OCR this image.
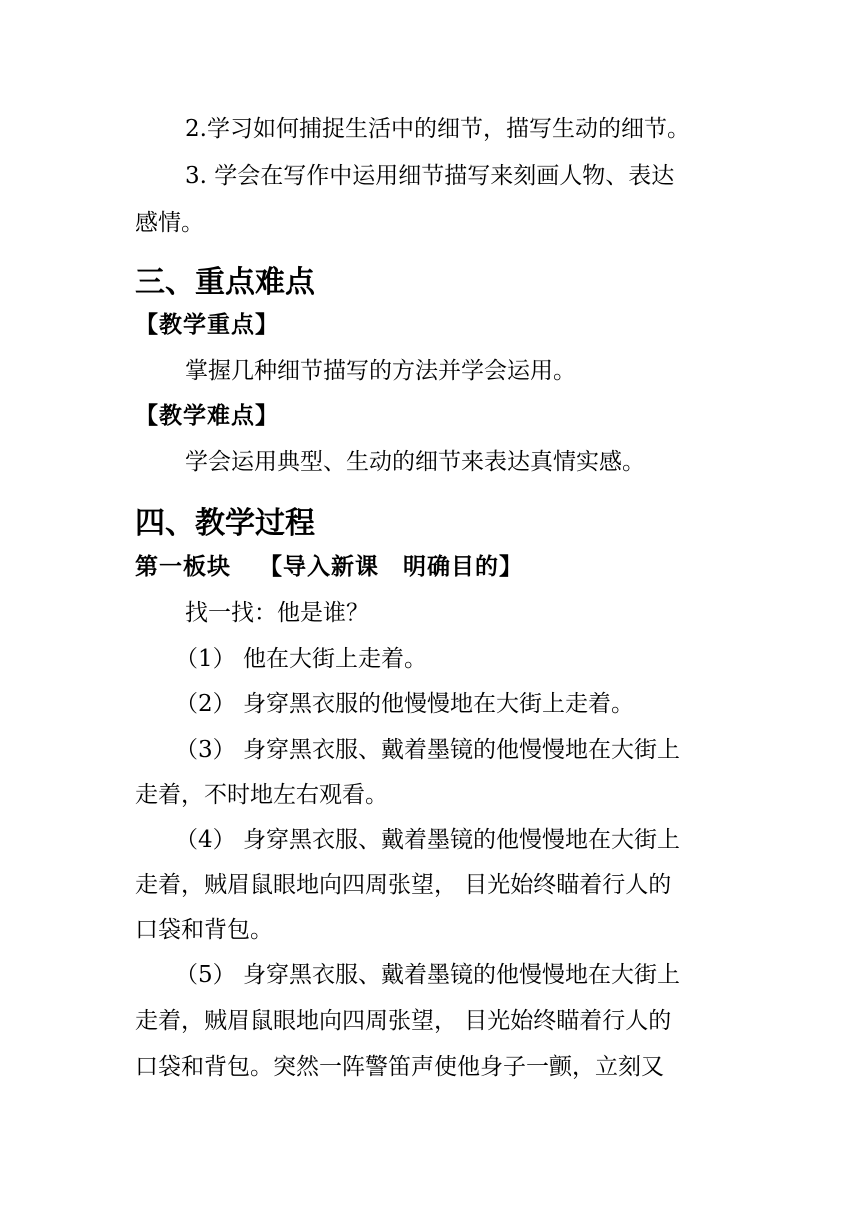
2.学习如何捕捉生活中的细节，描写生动的细节。
3. 学会在写作中运用细节描写来刻画人物、表达
感情。
三、重点难点
【教学重点】
掌握几种细节描写的方法并学会运用。
【教学难点】
学会运用典型、生动的细节来表达真情实感。
四、教学过程
第一板块 【导入新课　明确目的】
找一找：他是谁？
（1） 他在大街上走着。
（2） 身穿黑衣服的他慢慢地在大街上走着。
（3） 身穿黑衣服、戴着墨镜的他慢慢地在大街上
走着，不时地左右观看。
（4） 身穿黑衣服、戴着墨镜的他慢慢地在大街上
走着，贼眉鼠眼地向四周张望， 目光始终瞄着行人的
口袋和背包。
（5） 身穿黑衣服、戴着墨镜的他慢慢地在大街上
走着，贼眉鼠眼地向四周张望， 目光始终瞄着行人的
口袋和背包。突然一阵警笛声使他身子一颤，立刻又
